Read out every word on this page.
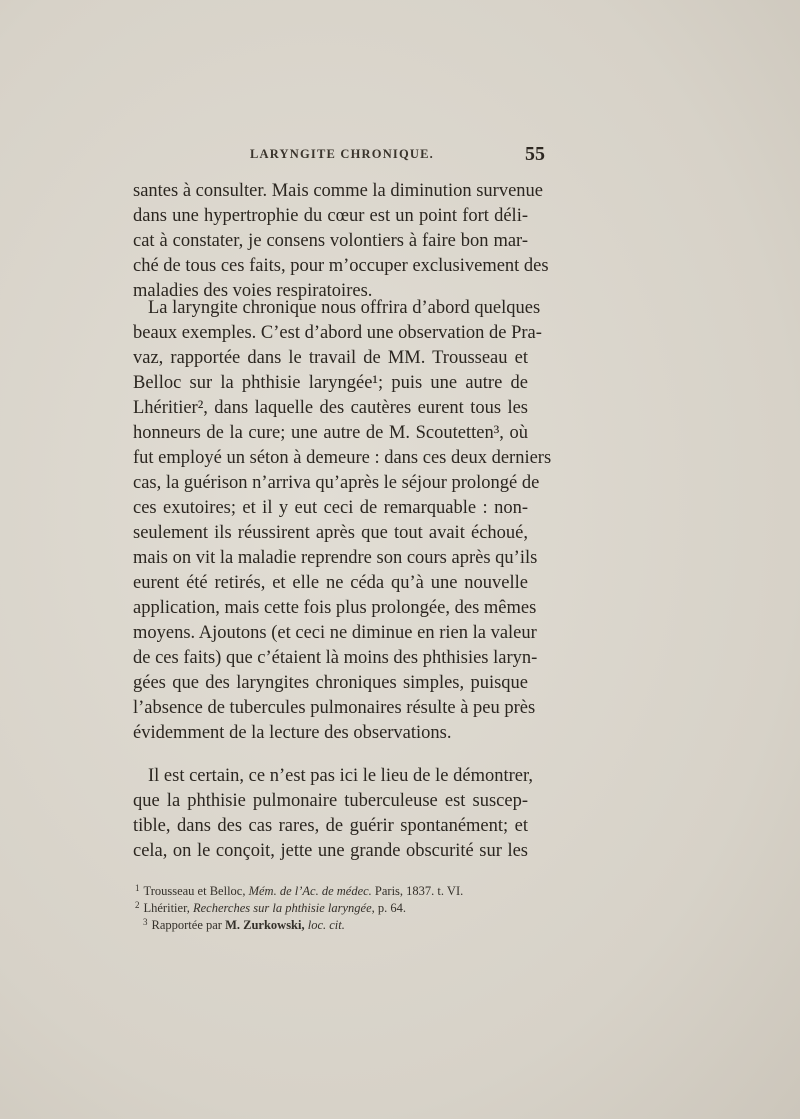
LARYNGITE CHRONIQUE.	55
santes à consulter. Mais comme la diminution survenue
dans une hypertrophie du cœur est un point fort déli-
cat à constater, je consens volontiers à faire bon mar-
ché de tous ces faits, pour m’occuper exclusivement des
maladies des voies respiratoires.
La laryngite chronique nous offrira d’abord quelques
beaux exemples. C’est d’abord une observation de Pra-
vaz, rapportée dans le travail de MM. Trousseau et
Belloc sur la phthisie laryngée¹; puis une autre de
Lhéritier², dans laquelle des cautères eurent tous les
honneurs de la cure; une autre de M. Scoutetten³, où
fut employé un séton à demeure : dans ces deux derniers
cas, la guérison n’arriva qu’après le séjour prolongé de
ces exutoires; et il y eut ceci de remarquable : non-
seulement ils réussirent après que tout avait échoué,
mais on vit la maladie reprendre son cours après qu’ils
eurent été retirés, et elle ne céda qu’à une nouvelle
application, mais cette fois plus prolongée, des mêmes
moyens. Ajoutons (et ceci ne diminue en rien la valeur
de ces faits) que c’étaient là moins des phthisies laryn-
gées que des laryngites chroniques simples, puisque
l’absence de tubercules pulmonaires résulte à peu près
évidemment de la lecture des observations.
Il est certain, ce n’est pas ici le lieu de le démontrer,
que la phthisie pulmonaire tuberculeuse est suscep-
tible, dans des cas rares, de guérir spontanément; et
cela, on le conçoit, jette une grande obscurité sur les
$^1$ Trousseau et Belloc, Mém. de l’Ac. de médec. Paris, 1837. t. VI.
$^2$ Lhéritier, Recherches sur la phthisie laryngée, p. 64.
$^3$ Rapportée par M. Zurkowski, loc. cit.
